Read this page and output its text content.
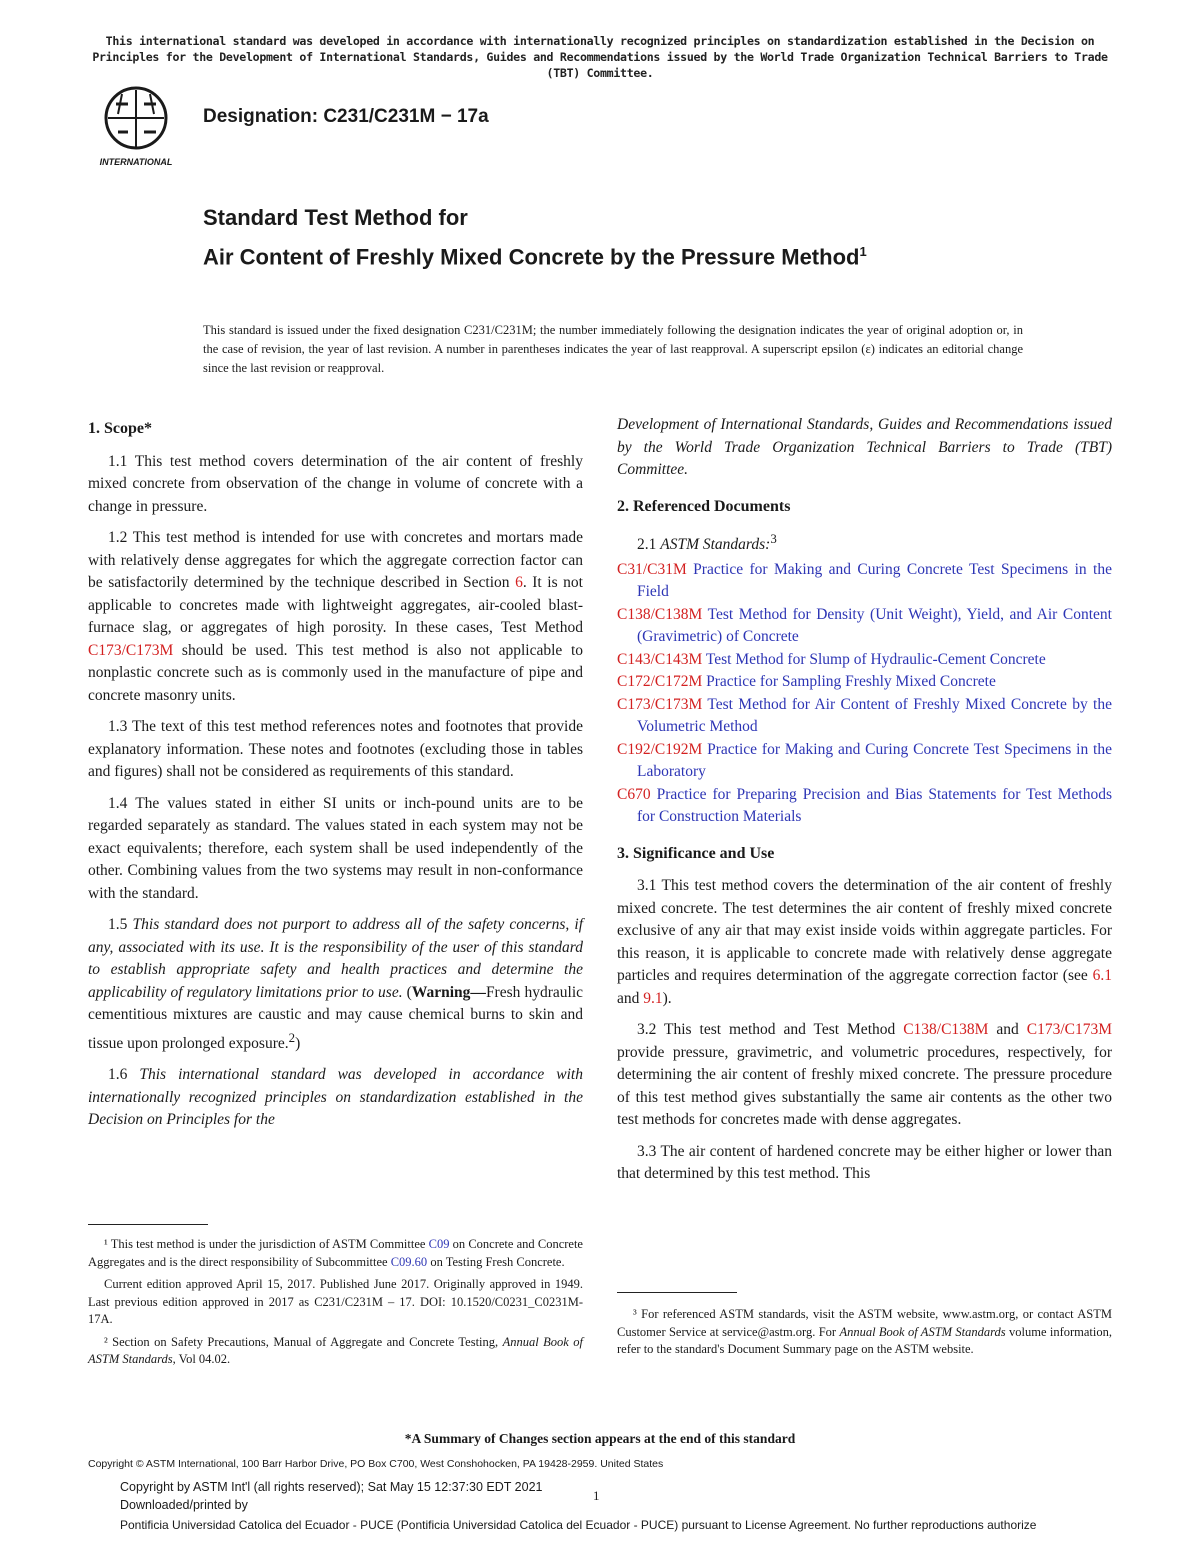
This international standard was developed in accordance with internationally recognized principles on standardization established in the Decision on Principles for the Development of International Standards, Guides and Recommendations issued by the World Trade Organization Technical Barriers to Trade (TBT) Committee.
INTERNATIONAL
Designation: C231/C231M − 17a
Standard Test Method for
Air Content of Freshly Mixed Concrete by the Pressure Method$^1$
This standard is issued under the fixed designation C231/C231M; the number immediately following the designation indicates the year of original adoption or, in the case of revision, the year of last revision. A number in parentheses indicates the year of last reapproval. A superscript epsilon (ε) indicates an editorial change since the last revision or reapproval.
1. Scope*

1.1 This test method covers determination of the air content of freshly mixed concrete from observation of the change in volume of concrete with a change in pressure.

1.2 This test method is intended for use with concretes and mortars made with relatively dense aggregates for which the aggregate correction factor can be satisfactorily determined by the technique described in Section 6. It is not applicable to concretes made with lightweight aggregates, air-cooled blast-furnace slag, or aggregates of high porosity. In these cases, Test Method C173/C173M should be used. This test method is also not applicable to nonplastic concrete such as is commonly used in the manufacture of pipe and concrete masonry units.

1.3 The text of this test method references notes and footnotes that provide explanatory information. These notes and footnotes (excluding those in tables and figures) shall not be considered as requirements of this standard.

1.4 The values stated in either SI units or inch-pound units are to be regarded separately as standard. The values stated in each system may not be exact equivalents; therefore, each system shall be used independently of the other. Combining values from the two systems may result in non-conformance with the standard.

1.5 This standard does not purport to address all of the safety concerns, if any, associated with its use. It is the responsibility of the user of this standard to establish appropriate safety and health practices and determine the applicability of regulatory limitations prior to use. (Warning—Fresh hydraulic cementitious mixtures are caustic and may cause chemical burns to skin and tissue upon prolonged exposure.$^2$)

1.6 This international standard was developed in accordance with internationally recognized principles on standardization established in the Decision on Principles for the

¹ This test method is under the jurisdiction of ASTM Committee C09 on Concrete and Concrete Aggregates and is the direct responsibility of Subcommittee C09.60 on Testing Fresh Concrete.

Current edition approved April 15, 2017. Published June 2017. Originally approved in 1949. Last previous edition approved in 2017 as C231/C231M – 17. DOI: 10.1520/C0231_C0231M-17A.

² Section on Safety Precautions, Manual of Aggregate and Concrete Testing, Annual Book of ASTM Standards, Vol 04.02.

Development of International Standards, Guides and Recommendations issued by the World Trade Organization Technical Barriers to Trade (TBT) Committee.

2. Referenced Documents

2.1 ASTM Standards:$^3$

C31/C31M Practice for Making and Curing Concrete Test Specimens in the Field

C138/C138M Test Method for Density (Unit Weight), Yield, and Air Content (Gravimetric) of Concrete

C143/C143M Test Method for Slump of Hydraulic-Cement Concrete

C172/C172M Practice for Sampling Freshly Mixed Concrete

C173/C173M Test Method for Air Content of Freshly Mixed Concrete by the Volumetric Method

C192/C192M Practice for Making and Curing Concrete Test Specimens in the Laboratory

C670 Practice for Preparing Precision and Bias Statements for Test Methods for Construction Materials

3. Significance and Use

3.1 This test method covers the determination of the air content of freshly mixed concrete. The test determines the air content of freshly mixed concrete exclusive of any air that may exist inside voids within aggregate particles. For this reason, it is applicable to concrete made with relatively dense aggregate particles and requires determination of the aggregate correction factor (see 6.1 and 9.1).

3.2 This test method and Test Method C138/C138M and C173/C173M provide pressure, gravimetric, and volumetric procedures, respectively, for determining the air content of freshly mixed concrete. The pressure procedure of this test method gives substantially the same air contents as the other two test methods for concretes made with dense aggregates.

3.3 The air content of hardened concrete may be either higher or lower than that determined by this test method. This

³ For referenced ASTM standards, visit the ASTM website, www.astm.org, or contact ASTM Customer Service at service@astm.org. For Annual Book of ASTM Standards volume information, refer to the standard's Document Summary page on the ASTM website.

*A Summary of Changes section appears at the end of this standard
Copyright © ASTM International, 100 Barr Harbor Drive, PO Box C700, West Conshohocken, PA 19428-2959. United States
1
Copyright by ASTM Int'l (all rights reserved); Sat May 15 12:37:30 EDT 2021
Downloaded/printed by
Pontificia Universidad Catolica del Ecuador - PUCE (Pontificia Universidad Catolica del Ecuador - PUCE) pursuant to License Agreement. No further reproductions authorize
